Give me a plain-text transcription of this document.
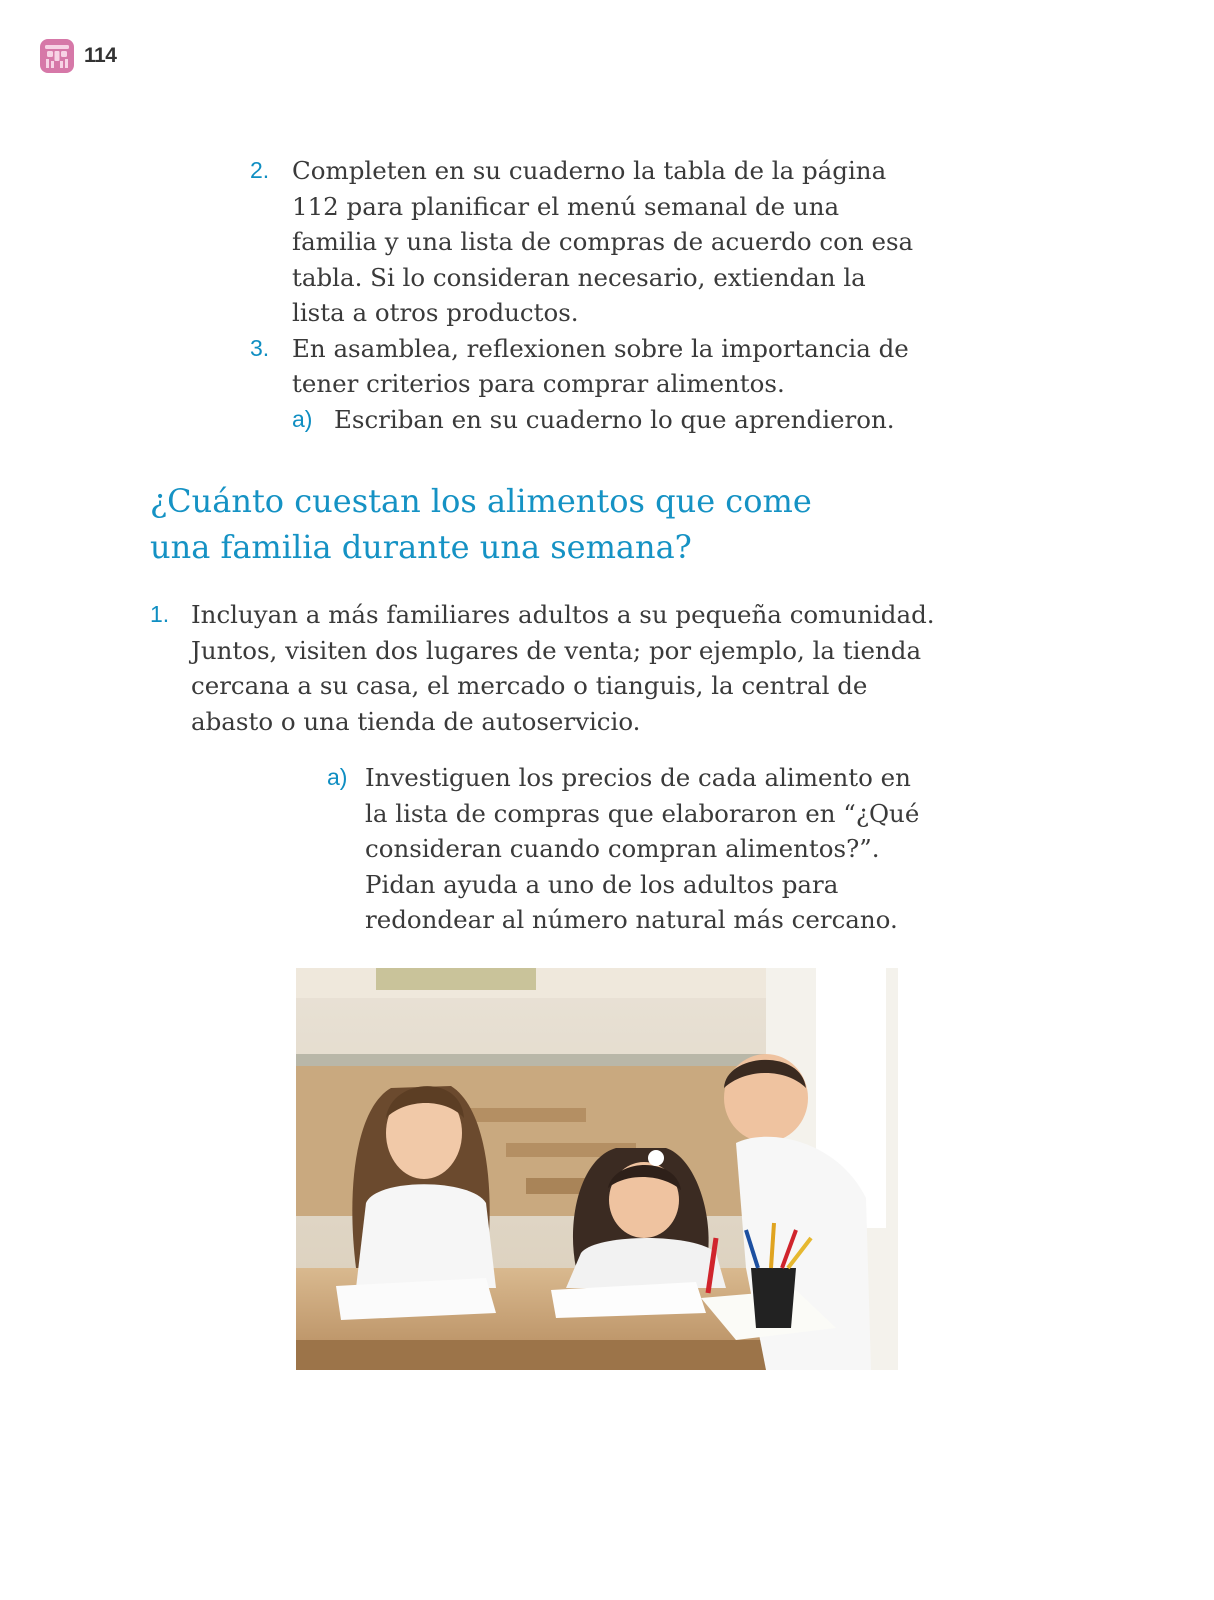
114
2. Completen en su cuaderno la tabla de la página
112 para planificar el menú semanal de una
familia y una lista de compras de acuerdo con esa
tabla. Si lo consideran necesario, extiendan la
lista a otros productos.
3. En asamblea, reflexionen sobre la importancia de
tener criterios para comprar alimentos.
a) Escriban en su cuaderno lo que aprendieron.
¿Cuánto cuestan los alimentos que come
una familia durante una semana?
1. Incluyan a más familiares adultos a su pequeña comunidad.
Juntos, visiten dos lugares de venta; por ejemplo, la tienda
cercana a su casa, el mercado o tianguis, la central de
abasto o una tienda de autoservicio.
a) Investiguen los precios de cada alimento en
la lista de compras que elaboraron en “¿Qué
consideran cuando compran alimentos?”.
Pidan ayuda a uno de los adultos para
redondear al número natural más cercano.
